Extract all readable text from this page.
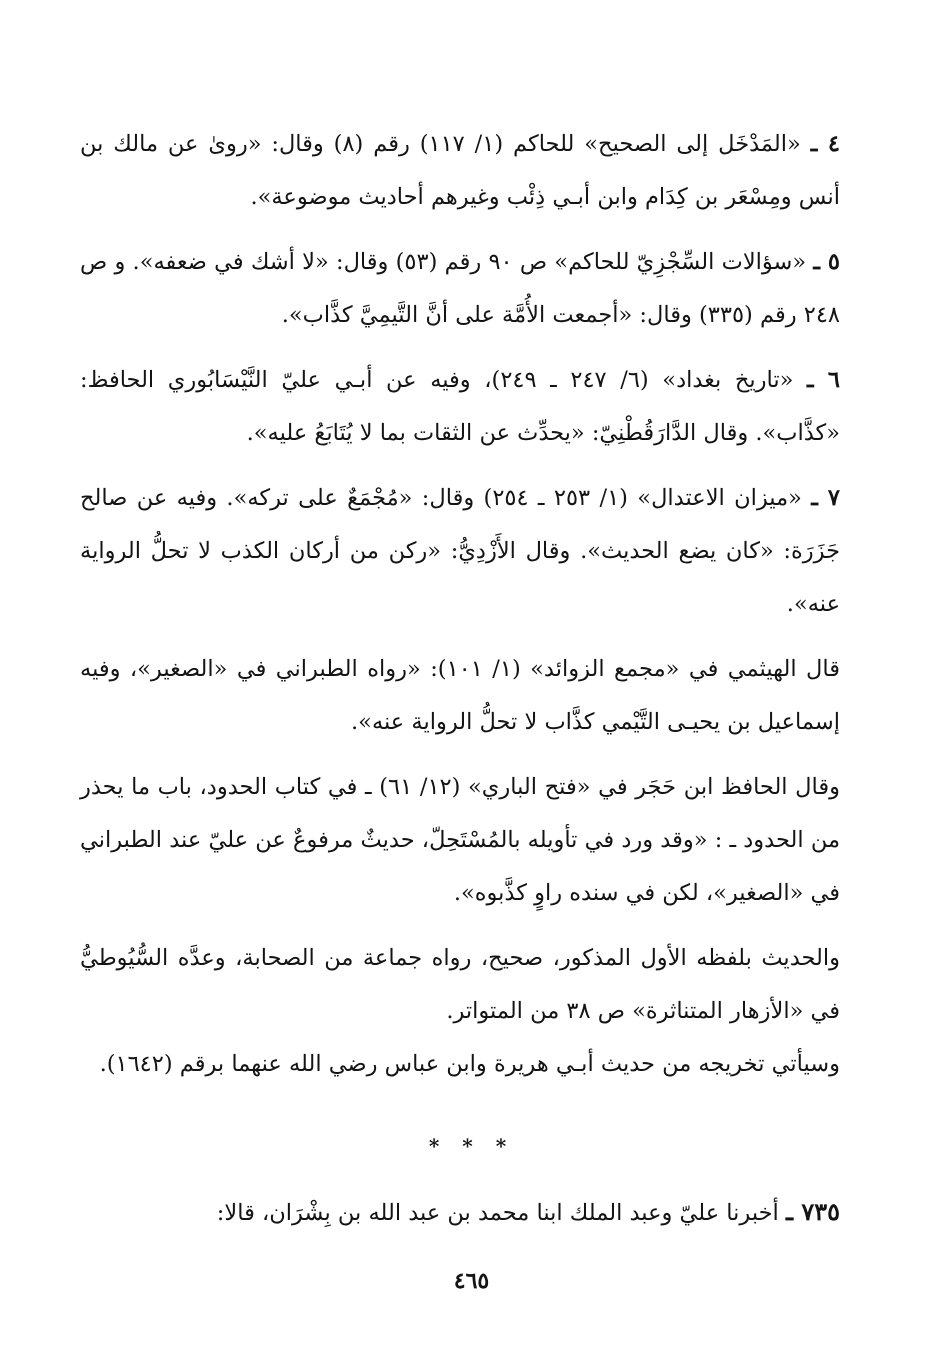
٤ ـ «المَدْخَل إلى الصحيح» للحاكم (١/ ١١٧) رقم (٨) وقال: «روىٰ عن مالك بن أنس ومِسْعَر بن كِدَام وابن أبـي ذِئْب وغيرهم أحاديث موضوعة».

٥ ـ «سؤالات السِّجْزِيّ للحاكم» ص ٩٠ رقم (٥٣) وقال: «لا أشك في ضعفه». و ص ٢٤٨ رقم (٣٣٥) وقال: «أجمعت الأُمَّة على أنَّ التَّيمِيَّ كذَّاب».

٦ ـ «تاريخ بغداد» (٦/ ٢٤٧ ـ ٢٤٩)، وفيه عن أبـي عليّ النَّيْسَابُوري الحافظ: «كذَّاب». وقال الدَّارَقُطْنِيّ: «يحدِّث عن الثقات بما لا يُتَابَعُ عليه».

٧ ـ «ميزان الاعتدال» (١/ ٢٥٣ ـ ٢٥٤) وقال: «مُجْمَعٌ على تركه». وفيه عن صالح جَزَرَة: «كان يضع الحديث». وقال الأَزْدِيُّ: «ركن من أركان الكذب لا تحلُّ الرواية عنه».

قال الهيثمي في «مجمع الزوائد» (١/ ١٠١): «رواه الطبراني في «الصغير»، وفيه إسماعيل بن يحيـى التَّيْمي كذَّاب لا تحلُّ الرواية عنه».

وقال الحافظ ابن حَجَر في «فتح الباري» (١٢/ ٦١) ـ في كتاب الحدود، باب ما يحذر من الحدود ـ : «وقد ورد في تأويله بالمُسْتَحِلّ، حديثٌ مرفوعٌ عن عليّ عند الطبراني في «الصغير»، لكن في سنده راوٍ كذَّبوه».

والحديث بلفظه الأول المذكور، صحيح، رواه جماعة من الصحابة، وعدَّه السُّيُوطيُّ في «الأزهار المتناثرة» ص ٣٨ من المتواتر.

وسيأتي تخريجه من حديث أبـي هريرة وابن عباس رضي الله عنهما برقم (١٦٤٢).

* * *

٧٣٥ ـ أخبرنا عليّ وعبد الملك ابنا محمد بن عبد الله بن بِشْرَان، قالا:

٤٦٥
